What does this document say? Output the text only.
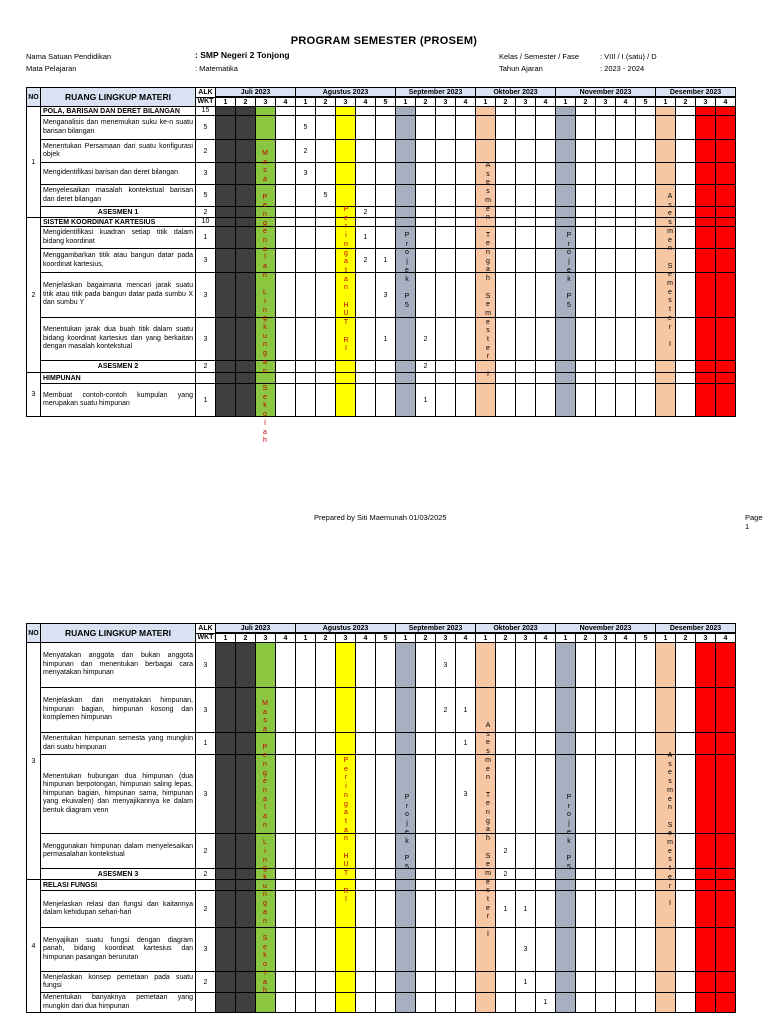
PROGRAM SEMESTER (PROSEM)
Nama Satuan Pendidikan	: SMP Negeri 2 Tonjong
Mata Pelajaran	: Matematika
Kelas / Semester / Fase	: VIII / I (satu) / D
Tahun Ajaran	: 2023 - 2024
NO	RUANG LINGKUP MATERI	ALK	Juli 2023				Agustus 2023					September 2023				Oktober 2023				November 2023					Desember 2023			
		WKT	1	2	3	4	1	2	3	4	5	1	2	3	4	1	2	3	4	1	2	3	4	5	1	2	3	4
1	POLA, BARISAN DAN DERET BILANGAN	15																										
	Menganalisis dan menemukan suku ke-n suatu barisan bilangan	5					5																					
	Menentukan Persamaan dari suatu konfigurasi objek	2					2																					
	Mengidentifikasi barisan dan deret bilangan	3					3																					
	Menyelesaikan masalah kontekstual barisan dan deret bilangan	5						5																				
	ASESMEN 1	2								2																		
2	SISTEM KOORDINAT KARTESIUS	10																										
	Mengidentifikasi kuadran setiap titik dalam bidang koordinat	1								1																		
	Menggambarkan titik atau bangun datar pada koordinat kartesius,	3								2	1																	
	Menjelaskan bagaimana mencari jarak suatu titik atau titik pada bangun datar pada sumbu X dan sumbu Y	3									3																	
	Menentukan jarak dua buah titik dalam suatu bidang koordinat kartesius dan yang berkaitan dengan masalah kontekstual	3									1		2															
	ASESMEN 2	2											2															
3	HIMPUNAN																											
	Membuat contoh-contoh kumpulan yang merupakan suatu himpunan	1											1															
Prepared by Siti Maemunah 01/03/2025	Page 1
NO	RUANG LINGKUP MATERI	ALK	Juli 2023				Agustus 2023					September 2023				Oktober 2023				November 2023					Desember 2023			
		WKT	1	2	3	4	1	2	3	4	5	1	2	3	4	1	2	3	4	1	2	3	4	5	1	2	3	4
3	Menyatakan anggota dan bukan anggota himpunan dan menentukan berbagai cara menyatakan himpunan	3												3														
	Menjelaskan dan menyatakan himpunan, himpunan bagian, himpunan kosong dan komplemen himpunan	3												2	1													
	Menentukan himpunan semesta yang mungkin dari suatu himpunan	1													1													
	Menentukan hubungan dua himpunan (dua himpunan berpotongan, himpunan saling lepas, himpunan bagian, himpunan sama, himpunan yang ekuivalen) dan menyajikannya ke dalam bentuk diagram venn	3													3													
	Menggunakan himpunan dalam menyelesaikan permasalahan kontekstual	2															2											
	ASESMEN 3	2															2											
4	RELASI FUNGSI																											
	Menjelaskan relasi dan fungsi dan kaitannya dalam kehidupan sehari-hari	2															1	1										
	Menyajikan suatu fungsi dengan diagram panah, bidang koordinat kartesius dan himpunan pasangan berurutan	3																3										
	Menjelaskan konsep pemetaan pada suatu fungsi	2																1										
	Menentukan banyaknya pemetaan yang mungkin dari dua himpunan																		1									
M
a
s
a

P
e
n
g
e
n
a
l
a
n

L
i
n
g
k
u
n
g
a
n

S
e
k
o
l
a
h
P
e
r
i
n
g
a
t
a
n

H
U
T

R
I
P
r
o
j
e
k

P
5
A
s
e
s
m
e
n

T
e
n
g
a
h

S
e
m
e
s
t
e
r

I
P
r
o
j
e
k

P
5
A
s
e
s
m
e
n

S
e
m
e
s
t
e
r

I
M
a
s
a

P
e
n
g
e
n
a
l
a
n

L
i
n
g
k
u
n
g
a
n

S
e
k
o
l
a
h
P
e
r
i
n
g
a
t
a
n

H
U
T

R
I
P
r
o
j
e
k

P
5
A
s
e
s
m
e
n

T
e
n
g
a
h

S
e
m
e
s
t
e
r

I
P
r
o
j
e
k

P
5
A
s
e
s
m
e
n

S
e
m
e
s
t
e
r

I
